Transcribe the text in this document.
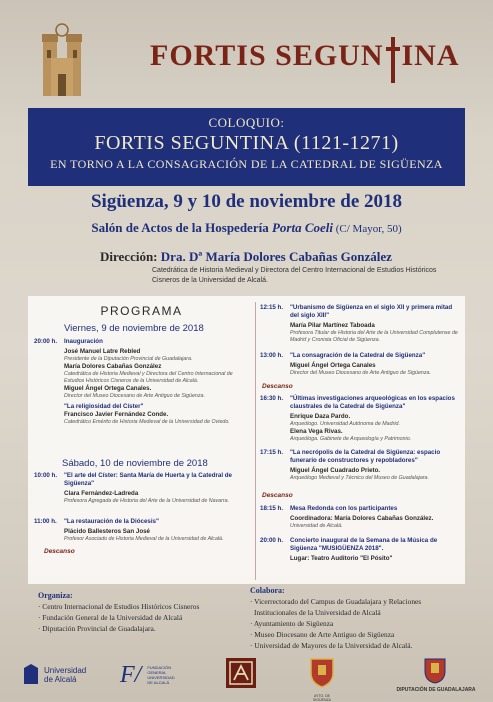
FORTIS SEGUN INA
COLOQUIO:
FORTIS SEGUNTINA (1121-1271)
EN TORNO A LA CONSAGRACIÓN DE LA CATEDRAL DE SIGÜENZA
Sigüenza, 9 y 10 de noviembre de 2018
Salón de Actos de la Hospedería Porta Coeli (C/ Mayor, 50)
Dirección: Dra. Dª María Dolores Cabañas González
Catedrática de Historia Medieval y Directora del Centro Internacional de Estudios Históricos Cisneros de la Universidad de Alcalá.
PROGRAMA
Viernes, 9 de noviembre de 2018
20:00 h. Inauguración
José Manuel Latre Rebled
Presidente de la Diputación Provincial de Guadalajara.
María Dolores Cabañas González
Catedrática de Historia Medieval y Directora del Centro Internacional de Estudios Históricos Cisneros de la Universidad de Alcalá.
Miguel Ángel Ortega Canales.
Director del Museo Diocesano de Arte Antiguo de Sigüenza.
"La religiosidad del Císter"
Francisco Javier Fernández Conde.
Catedrático Emérito de Historia Medieval de la Universidad de Oviedo.
Sábado, 10 de noviembre de 2018
10:00 h. "El arte del Císter: Santa María de Huerta y la Catedral de Sigüenza"
Clara Fernández-Ladreda
Profesora Agregada de Historia del Arte de la Universidad de Navarra.
11:00 h. "La restauración de la Diócesis"
Plácido Ballesteros San José
Profesor Asociado de Historia Medieval de la Universidad de Alcalá.
Descanso
12:15 h. "Urbanismo de Sigüenza en el siglo XII y primera mitad del siglo XIII"
María Pilar Martínez Taboada
Profesora Titular de Historia del Arte de la Universidad Complutense de Madrid y Cronista Oficial de Sigüenza.
13:00 h. "La consagración de la Catedral de Sigüenza"
Miguel Ángel Ortega Canales
Director del Museo Diocesano de Arte Antiguo de Sigüenza.
Descanso
16:30 h. "Últimas investigaciones arqueológicas en los espacios claustrales de la Catedral de Sigüenza"
Enrique Daza Pardo.
Arqueólogo. Universidad Autónoma de Madrid.
Elena Vega Rivas.
Arqueóloga. Gabinete de Arqueología y Patrimonio.
17:15 h. "La necrópolis de la Catedral de Sigüenza: espacio funerario de constructores y repobladores"
Miguel Ángel Cuadrado Prieto.
Arqueólogo Medieval y Técnico del Museo de Guadalajara.
Descanso
18:15 h. Mesa Redonda con los participantes
Coordinadora: María Dolores Cabañas González.
Universidad de Alcalá.
20:00 h. Concierto inaugural de la Semana de la Música de Sigüenza "MUSIGÜENZA 2018".
Lugar: Teatro Auditorio "El Pósito"
Organiza:
· Centro Internacional de Estudios Históricos Cisneros
· Fundación General de la Universidad de Alcalá
· Diputación Provincial de Guadalajara.
Colabora:
· Vicerrectorado del Campus de Guadalajara y Relaciones
Institucionales de la Universidad de Alcalá
· Ayuntamiento de Sigüenza
· Museo Diocesano de Arte Antiguo de Sigüenza
· Universidad de Mayores de la Universidad de Alcalá.
Universidad
de Alcalá	F/ FUNDACIÓN
GENERAL
UNIVERSIDAD
DE ALCALÁ
AYTO. DE SIGÜENZA
DIPUTACIÓN DE GUADALAJARA
